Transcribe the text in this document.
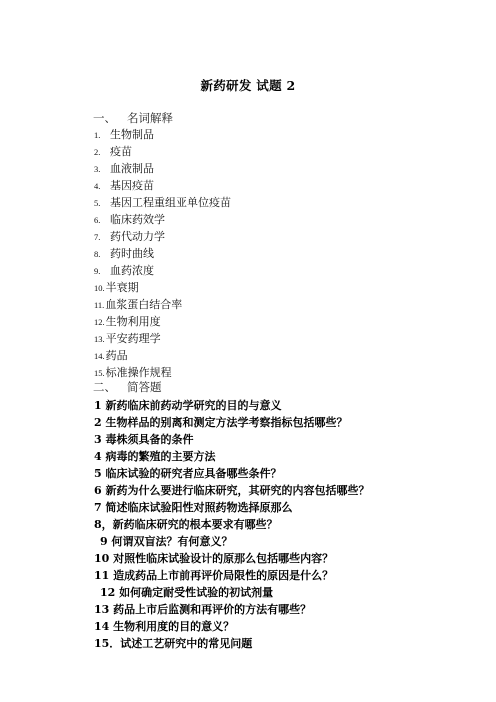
新药研发 试题 2
一、 名词解释
1. 生物制品
2. 疫苗
3. 血液制品
4. 基因疫苗
5. 基因工程重组亚单位疫苗
6. 临床药效学
7. 药代动力学
8. 药时曲线
9. 血药浓度
10.半衰期
11.血浆蛋白结合率
12.生物利用度
13.平安药理学
14.药品
15.标准操作规程
二、 简答题
1 新药临床前药动学研究的目的与意义
2 生物样品的别离和测定方法学考察指标包括哪些？
3 毒株须具备的条件
4 病毒的繁殖的主要方法
5 临床试验的研究者应具备哪些条件？
6 新药为什么要进行临床研究，其研究的内容包括哪些？
7 简述临床试验阳性对照药物选择原那么
8，新药临床研究的根本要求有哪些？
9 何谓双盲法？有何意义？
10 对照性临床试验设计的原那么包括哪些内容？
11 造成药品上市前再评价局限性的原因是什么？
12 如何确定耐受性试验的初试剂量
13 药品上市后监测和再评价的方法有哪些？
14 生物利用度的目的意义？
15．试述工艺研究中的常见问题
